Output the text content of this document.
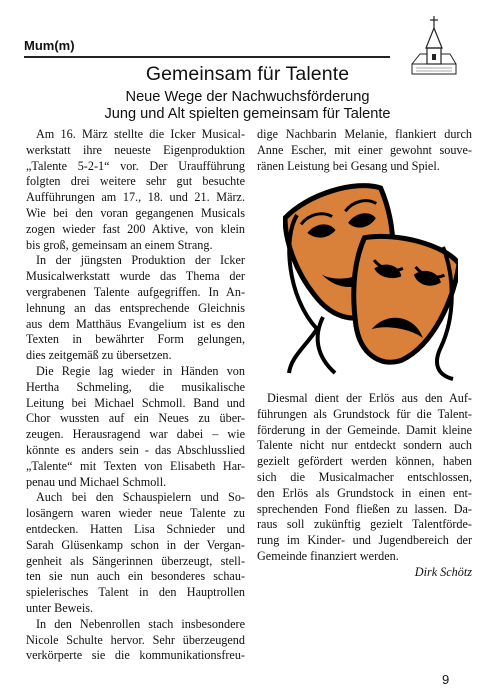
Mum(m)
Gemeinsam für Talente
Neue Wege der Nachwuchsförderung
Jung und Alt spielten gemeinsam für Talente
Am 16. März stellte die Icker Musical-
werkstatt ihre neueste Eigenproduktion
„Talente 5-2-1“ vor. Der Uraufführung
folgten drei weitere sehr gut besuchte
Aufführungen am 17., 18. und 21. März.
Wie bei den voran gegangenen Musicals
zogen wieder fast 200 Aktive, von klein
bis groß, gemeinsam an einem Strang.
In der jüngsten Produktion der Icker
Musicalwerkstatt wurde das Thema der
vergrabenen Talente aufgegriffen. In An-
lehnung an das entsprechende Gleichnis
aus dem Matthäus Evangelium ist es den
Texten in bewährter Form gelungen,
dies zeitgemäß zu übersetzen.
Die Regie lag wieder in Händen von
Hertha Schmeling, die musikalische
Leitung bei Michael Schmoll. Band und
Chor wussten auf ein Neues zu über-
zeugen. Herausragend war dabei – wie
könnte es anders sein - das Abschlusslied
„Talente“ mit Texten von Elisabeth Har-
penau und Michael Schmoll.
Auch bei den Schauspielern und So-
losängern waren wieder neue Talente zu
entdecken. Hatten Lisa Schnieder und
Sarah Glüsenkamp schon in der Vergan-
genheit als Sängerinnen überzeugt, stell-
ten sie nun auch ein besonderes schau-
spielerisches Talent in den Hauptrollen
unter Beweis.
In den Nebenrollen stach insbesondere
Nicole Schulte hervor. Sehr überzeugend
verkörperte sie die kommunikationsfreu-
dige Nachbarin Melanie, flankiert durch
Anne Escher, mit einer gewohnt souve-
ränen Leistung bei Gesang und Spiel.
Diesmal dient der Erlös aus den Auf-
führungen als Grundstock für die Talent-
förderung in der Gemeinde. Damit kleine
Talente nicht nur entdeckt sondern auch
gezielt gefördert werden können, haben
sich die Musicalmacher entschlossen,
den Erlös als Grundstock in einen ent-
sprechenden Fond fließen zu lassen. Da-
raus soll zukünftig gezielt Talentförde-
rung im Kinder- und Jugendbereich der
Gemeinde finanziert werden.
Dirk Schötz
9
